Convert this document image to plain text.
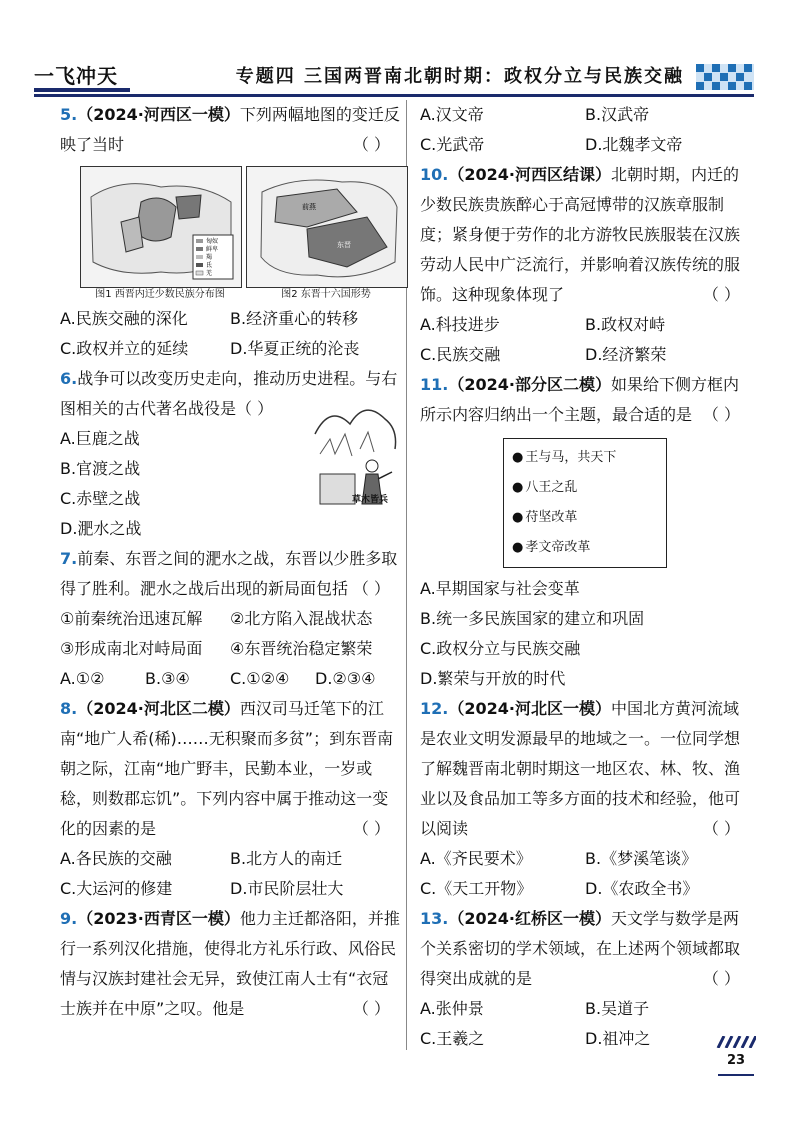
一飞冲天	专题四 三国两晋南北朝时期：政权分立与民族交融
5.（2024·河西区一模）下列两幅地图的变迁反映了当时	（ ）
匈奴
鲜卑
羯
氐
羌
图1 西晋内迁少数民族分布图
前燕
东晋
图2 东晋十六国形势
A.民族交融的深化	B.经济重心的转移
C.政权并立的延续	D.华夏正统的沦丧
6.战争可以改变历史走向，推动历史进程。与右图相关的古代著名战役是（ ）
A.巨鹿之战
B.官渡之战
C.赤壁之战
D.淝水之战
草木皆兵
7.前秦、东晋之间的淝水之战，东晋以少胜多取得了胜利。淝水之战后出现的新局面包括 （ ）
①前秦统治迅速瓦解	②北方陷入混战状态
③形成南北对峙局面	④东晋统治稳定繁荣
A.①②	B.③④	C.①②④	D.②③④
8.（2024·河北区二模）西汉司马迁笔下的江南“地广人希(稀)……无积聚而多贫”；到东晋南朝之际，江南“地广野丰，民勤本业，一岁或稔，则数郡忘饥”。下列内容中属于推动这一变化的因素的是	（ ）
A.各民族的交融	B.北方人的南迁
C.大运河的修建	D.市民阶层壮大
9.（2023·西青区一模）他力主迁都洛阳，并推行一系列汉化措施，使得北方礼乐行政、风俗民情与汉族封建社会无异，致使江南人士有“衣冠士族并在中原”之叹。他是	（ ）
A.汉文帝	B.汉武帝
C.光武帝	D.北魏孝文帝
10.（2024·河西区结课）北朝时期，内迁的少数民族贵族醉心于高冠博带的汉族章服制度；紧身便于劳作的北方游牧民族服装在汉族劳动人民中广泛流行，并影响着汉族传统的服饰。这种现象体现了	（ ）
A.科技进步	B.政权对峙
C.民族交融	D.经济繁荣
11.（2024·部分区二模）如果给下侧方框内所示内容归纳出一个主题，最合适的是 （ ）
● 王与马，共天下
● 八王之乱
● 苻坚改革
● 孝文帝改革
A.早期国家与社会变革
B.统一多民族国家的建立和巩固
C.政权分立与民族交融
D.繁荣与开放的时代
12.（2024·河北区一模）中国北方黄河流域是农业文明发源最早的地域之一。一位同学想了解魏晋南北朝时期这一地区农、林、牧、渔业以及食品加工等多方面的技术和经验，他可以阅读	（ ）
A.《齐民要术》	B.《梦溪笔谈》
C.《天工开物》	D.《农政全书》
13.（2024·红桥区一模）天文学与数学是两个关系密切的学术领域，在上述两个领域都取得突出成就的是	（ ）
A.张仲景	B.吴道子
C.王羲之	D.祖冲之
23
